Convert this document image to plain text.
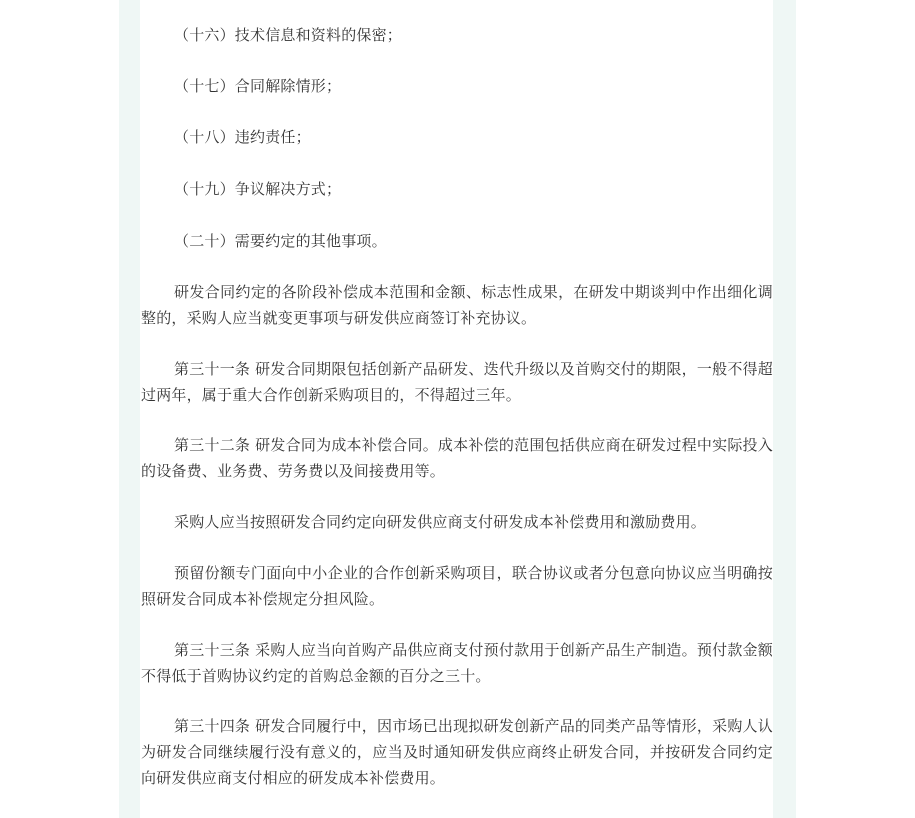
（十六）技术信息和资料的保密；

（十七）合同解除情形；

（十八）违约责任；

（十九）争议解决方式；

（二十）需要约定的其他事项。

研发合同约定的各阶段补偿成本范围和金额、标志性成果，在研发中期谈判中作出细化调整的，采购人应当就变更事项与研发供应商签订补充协议。

第三十一条 研发合同期限包括创新产品研发、迭代升级以及首购交付的期限，一般不得超过两年，属于重大合作创新采购项目的，不得超过三年。

第三十二条 研发合同为成本补偿合同。成本补偿的范围包括供应商在研发过程中实际投入的设备费、业务费、劳务费以及间接费用等。

采购人应当按照研发合同约定向研发供应商支付研发成本补偿费用和激励费用。

预留份额专门面向中小企业的合作创新采购项目，联合协议或者分包意向协议应当明确按照研发合同成本补偿规定分担风险。

第三十三条 采购人应当向首购产品供应商支付预付款用于创新产品生产制造。预付款金额不得低于首购协议约定的首购总金额的百分之三十。

第三十四条 研发合同履行中，因市场已出现拟研发创新产品的同类产品等情形，采购人认为研发合同继续履行没有意义的，应当及时通知研发供应商终止研发合同，并按研发合同约定向研发供应商支付相应的研发成本补偿费用。
